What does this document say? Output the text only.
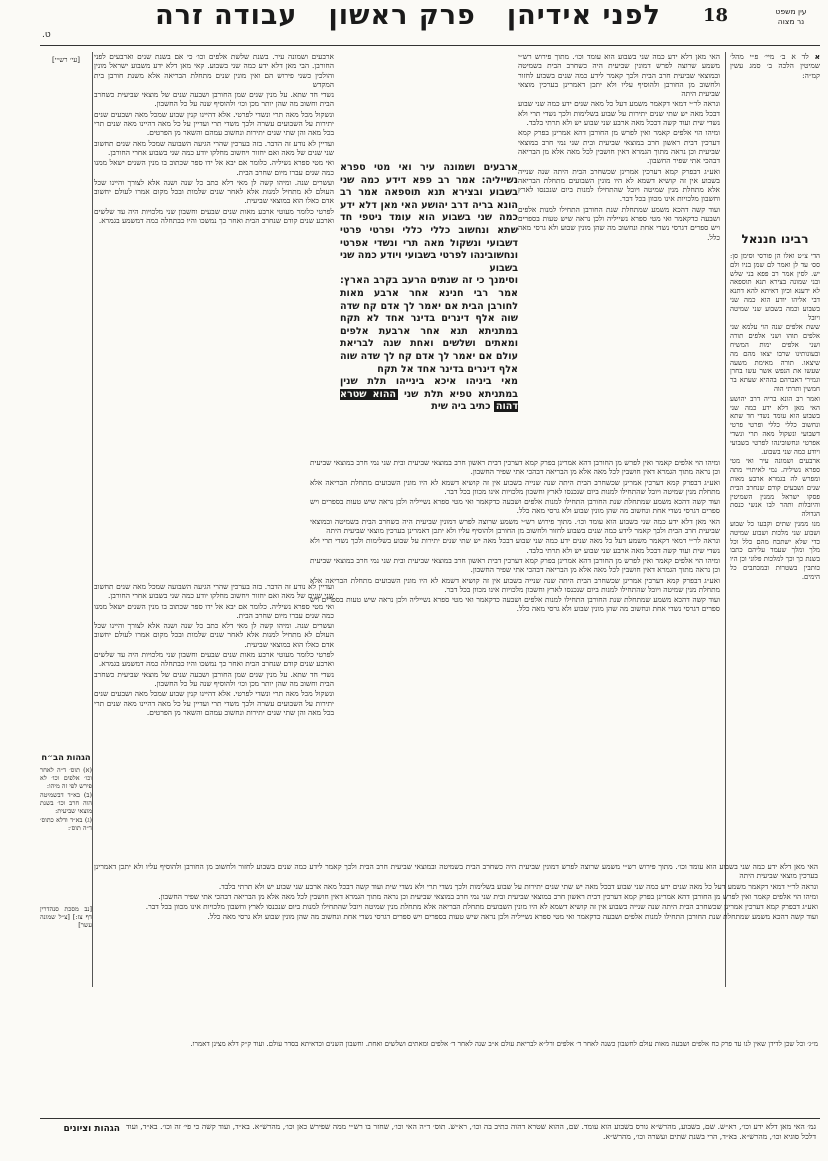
עין משפט
נר מצוה
18
לפני אידיהן   פרק ראשון   עבודה זרה
ט.
א לד א ב׳ מיי׳ פ״י מהל׳ שמיטין הלכה ב׳ סמג עשין קמ״ה:
רבינו חננאל

הדי צ״ט ואלו הן פורסי וסימן סן: סס׳ עד לן ואמר לם שמן בניו ולם יש. לסין אמר רב פפא בני שלש ובני שמונה בצירא תנא תוספאה לא ידענא וכיון דאיתא להא דתנא דבי אליהו יודע הוא כמה שני בשבוע וכמה בשבוע שני שמיטה ויובל

ששת אלפים שנה הוי עלמא שני אלפים תוהו ושני אלפים תורה ושני אלפים ימות המשיח ובעונותינו שרבו יצאו מהם מה שיצאו. תורה מאימת משעה שעשו את הנפש אשר עשו בחרן וגמירי דאברהם בההיא שעתא בר חמשין ותרתי הוה

ואמר רב הונא בריה דרב יהושע האי מאן דלא ידע כמה שני בשבוע הוא עומד נשדי חד שתא ונחשוב כללי כללי ופרטי פרטי דשבועי ונשקול מאה תרי ונשדי אפרטי ונחשובינהו לפרטי בשבועי ויודע כמה שני בשבוע.

ארבעים ושמונה עיר ואי מטי ספרא נשיליה. נמי לאיתויי מתה ומפרש לה בגמרא ארבע מאות שנים ושבעים קודם שנחרב הבית פסקו ישראל ממנין השמיטין והיובלות ותהר לבו אנשי כנסת הגדולה

מנו ממנין שתים וקבעו כל שבוע ושבוע שני מלכות ושבוע שמיטה כדי שלא ישתכח מהם כלל וכל מלך ומלך שעמד עליהם כתבו בשנת כך וכך למלכות פלוני וכן היו כותבין בשטרות ובמכתבים כל הימים.

האי מאן דלא ידע כמה שני בשבוע הוא עומד וכו׳. מתוך פירוש רש״י משמע שרוצה לפרש דמונין שביעית היה כשחרב הבית בשמיטה ובמוצאי שביעית חרב הבית ולכך קאמר לידע כמה שנים בשבוע לחזור ולחשוב מן החורבן ולהוסיף עליו ולא יתכן דאמרינן בערכין מוצאי שביעית היתה

ונראה לר״י דמאי דקאמר משמע דעל כל מאה שנים ידע כמה שני שבוע דבכל מאה יש שתי שנים יתירות על שבוע בשלימות ולכך נשדי תרי ולא נשדי שית ועוד קשה דבכל מאה ארבע שני שבוע יש ולא תרתי בלבד.

ומיהו הוי אלפים קאמר ואין לפרש מן החורבן דהא אמרינן בפרק קמא דערכין דבית ראשון חרב במוצאי שביעית ובית שני נמי חרב במוצאי שביעית וכן נראה מתוך הגמרא דאין חושבין לכל מאה אלא מן הבריאה דבהכי אתי שפיר החשבון.

ואע״ג דבפרק קמא דערכין אמרינן שכשחרב הבית היתה שנה שנייה בשבוע אין זה קושיא דשמא לא היו מונין השבועים מתחלת הבריאה אלא מתחלת מנין שמיטה ויובל שהתחילו למנות ביום שנכנסו לארץ וחשבון מלכויות אינו מכוון בכל דבר.

ועוד קשה דהכא משמע שמתחלת שנת החורבן התחילו למנות אלפים ושבעה כדקאמר ואי מטי ספרא נשייליה ולכן נראה שיש טעות בספרים ויש ספרים דגרסי נשדי אחת ונחשוב מה שהן מונין שבוע ולא גרסי מאה כלל.

ארבעים ושמונה עיר. בשנת שלשת אלפים וכו׳ כי אם בשנת שנים וארבעים לפני החורבן. הבי מאן דלא ידע כמה שני בשבוע. קאי מאן דלא ידע משבוע ישראל מונין והולכין כשני פירוש הם ואין מונין שנים מתחלת הבריאה אלא משנת חורבן בית המקדש

נשדי חד שתא. על מנין שנים שמן החורבן ושבעה שנים של מוצאי שביעית כשחרב הבית וחשוב מה שהן יותר מכן וכו׳ ולהוסיף שנה על כל החשבון.

ונשקול מכל מאה תרי ונשדי לפרטי. אלא דהיינו קנין שבוע שמכל מאה ושבעים שנים יתירות על השבועים עשרה ולכך משדי תרי ועדיין על כל מאה דהיינו מאה שנים תרי בכל מאה והן שתי שנים יתירות ונחשוב עמהם והשאר מן הפרטים.

ועדיין לא נודע זה הדבר. בזה בערכין שהרי הגיעה השבועה שמכל מאה שנים תחשוב שני שנים של מאה ואם יחזור ויחשוב מחלקו יודע כמה שני בשבוע אחרי החורבן.

ואי מטי ספרא נשיליה. כלומר אם יבא אל ידו ספר שכתוב בו מנין השנים ישאל ממנו כמה שנים עברו מיום שחרב הבית.

ועשרים שנה. ומיהו קשה לן מאי דלא כתב כל שנה ושנה אלא לצורך והיינו שכל העולם לא מתחיל למנות אלא לאחר שנים שלמות ובכל מקום אמרו לעולם יחשוב אדם כאלו הוא במוצאי שביעית.

לפרטי כלומר מעוטי ארבע מאות שנים שבעים וחשבון שני מלכויות היה עד שלשים וארבע שנים קודם שנחרב הבית ואחר כך נמשכו והיו כבתחלה כמה דמשמע בגמרא.

[עי׳ רש״י]

ארבעים ושמונה עיר ואי מטי ספרא נשייליה: אמר רב פפא דידע כמה שני בשבוע ובצירא תנא תוספאה אמר רב הונא בריה דרב יהושע האי מאן דלא ידע כמה שני בשבוע הוא עומד ניטפי חד שתא ונחשוב כללי כללי ופרטי פרטי דשבועי ונשקול מאה תרי ונשדי אפרטי ונחשובינהו לפרטי בשבועי ויודע כמה שני בשבוע

וסימנך כי זה שנתים הרעב בקרב הארץ: אמר רבי חנינא אחר ארבע מאות לחורבן הבית אם יאמר לך אדם קח שדה שוה אלף דינרים בדינר אחד לא תקח במתניתא תנא אחר ארבעת אלפים ומאתים ושלשים ואחת שנה לבריאת עולם אם יאמר לך אדם קח לך שדה שוה אלף דינרים בדינר אחד אל תקח

מאי ביניהו איכא בינייהו תלת שנין במתניתא טפיא תלת שני ההוא שטרא דהוה כתיב ביה שית

ומיהו הוי אלפים קאמר ואין לפרש מן החורבן דהא אמרינן בפרק קמא דערכין דבית ראשון חרב במוצאי שביעית ובית שני נמי חרב במוצאי שביעית וכן נראה מתוך הגמרא דאין חושבין לכל מאה אלא מן הבריאה דבהכי אתי שפיר החשבון.

ואע״ג דבפרק קמא דערכין אמרינן שכשחרב הבית היתה שנה שנייה בשבוע אין זה קושיא דשמא לא היו מונין השבועים מתחלת הבריאה אלא מתחלת מנין שמיטה ויובל שהתחילו למנות ביום שנכנסו לארץ וחשבון מלכויות אינו מכוון בכל דבר.

ועוד קשה דהכא משמע שמתחלת שנת החורבן התחילו למנות אלפים ושבעה כדקאמר ואי מטי ספרא נשייליה ולכן נראה שיש טעות בספרים ויש ספרים דגרסי נשדי אחת ונחשוב מה שהן מונין שבוע ולא גרסי מאה כלל.

האי מאן דלא ידע כמה שני בשבוע הוא עומד וכו׳. מתוך פירוש רש״י משמע שרוצה לפרש דמונין שביעית היה כשחרב הבית בשמיטה ובמוצאי שביעית חרב הבית ולכך קאמר לידע כמה שנים בשבוע לחזור ולחשוב מן החורבן ולהוסיף עליו ולא יתכן דאמרינן בערכין מוצאי שביעית היתה

ונראה לר״י דמאי דקאמר משמע דעל כל מאה שנים ידע כמה שני שבוע דבכל מאה יש שתי שנים יתירות על שבוע בשלימות ולכך נשדי תרי ולא נשדי שית ועוד קשה דבכל מאה ארבע שני שבוע יש ולא תרתי בלבד.

ומיהו הוי אלפים קאמר ואין לפרש מן החורבן דהא אמרינן בפרק קמא דערכין דבית ראשון חרב במוצאי שביעית ובית שני נמי חרב במוצאי שביעית וכן נראה מתוך הגמרא דאין חושבין לכל מאה אלא מן הבריאה דבהכי אתי שפיר החשבון.

ואע״ג דבפרק קמא דערכין אמרינן שכשחרב הבית היתה שנה שנייה בשבוע אין זה קושיא דשמא לא היו מונין השבועים מתחלת הבריאה אלא מתחלת מנין שמיטה ויובל שהתחילו למנות ביום שנכנסו לארץ וחשבון מלכויות אינו מכוון בכל דבר.

ועוד קשה דהכא משמע שמתחלת שנת החורבן התחילו למנות אלפים ושבעה כדקאמר ואי מטי ספרא נשייליה ולכן נראה שיש טעות בספרים ויש ספרים דגרסי נשדי אחת ונחשוב מה שהן מונין שבוע ולא גרסי מאה כלל.

ועדיין לא נודע זה הדבר. בזה בערכין שהרי הגיעה השבועה שמכל מאה שנים תחשוב שני שנים של מאה ואם יחזור ויחשוב מחלקו יודע כמה שני בשבוע אחרי החורבן.

ואי מטי ספרא נשיליה. כלומר אם יבא אל ידו ספר שכתוב בו מנין השנים ישאל ממנו כמה שנים עברו מיום שחרב הבית.

ועשרים שנה. ומיהו קשה לן מאי דלא כתב כל שנה ושנה אלא לצורך והיינו שכל העולם לא מתחיל למנות אלא לאחר שנים שלמות ובכל מקום אמרו לעולם יחשוב אדם כאלו הוא במוצאי שביעית.

לפרטי כלומר מעוטי ארבע מאות שנים שבעים וחשבון שני מלכויות היה עד שלשים וארבע שנים קודם שנחרב הבית ואחר כך נמשכו והיו כבתחלה כמה דמשמע בגמרא.

נשדי חד שתא. על מנין שנים שמן החורבן ושבעה שנים של מוצאי שביעית כשחרב הבית וחשוב מה שהן יותר מכן וכו׳ ולהוסיף שנה על כל החשבון.

ונשקול מכל מאה תרי ונשדי לפרטי. אלא דהיינו קנין שבוע שמכל מאה ושבעים שנים יתירות על השבועים עשרה ולכך משדי תרי ועדיין על כל מאה דהיינו מאה שנים תרי בכל מאה והן שתי שנים יתירות ונחשוב עמהם והשאר מן הפרטים.

הגהות הב״ח

(א) תוס׳ ד״ה לאחר וכו׳ אלפים וכו׳ לא פירש לפי זה מיהו:

(ב) בא״ד דבשמיטה הוה חרב וכו׳ בשנת מוצאי שביעית:

(ג) בא״ד ודלא כתוס׳ ד״ה תוס׳:

[נב מסכת סנהדרין דף צז:] [צ״ל שמונה עשר]

האי מאן דלא ידע כמה שני בשבוע הוא עומד וכו׳. מתוך פירוש רש״י משמע שרוצה לפרש דמונין שביעית היה כשחרב הבית בשמיטה ובמוצאי שביעית חרב הבית ולכך קאמר לידע כמה שנים בשבוע לחזור ולחשוב מן החורבן ולהוסיף עליו ולא יתכן דאמרינן בערכין מוצאי שביעית היתה

ונראה לר״י דמאי דקאמר משמע דעל כל מאה שנים ידע כמה שני שבוע דבכל מאה יש שתי שנים יתירות על שבוע בשלימות ולכך נשדי תרי ולא נשדי שית ועוד קשה דבכל מאה ארבע שני שבוע יש ולא תרתי בלבד.

ומיהו הוי אלפים קאמר ואין לפרש מן החורבן דהא אמרינן בפרק קמא דערכין דבית ראשון חרב במוצאי שביעית ובית שני נמי חרב במוצאי שביעית וכן נראה מתוך הגמרא דאין חושבין לכל מאה אלא מן הבריאה דבהכי אתי שפיר החשבון.

ואע״ג דבפרק קמא דערכין אמרינן שכשחרב הבית היתה שנה שנייה בשבוע אין זה קושיא דשמא לא היו מונין השבועים מתחלת הבריאה אלא מתחלת מנין שמיטה ויובל שהתחילו למנות ביום שנכנסו לארץ וחשבון מלכויות אינו מכוון בכל דבר.

ועוד קשה דהכא משמע שמתחלת שנת החורבן התחילו למנות אלפים ושבעה כדקאמר ואי מטי ספרא נשייליה ולכן נראה שיש טעות בספרים ויש ספרים דגרסי נשדי אחת ונחשוב מה שהן מונין שבוע ולא גרסי מאה כלל.

מ״ג׳ וכל שכן לדידן שאין לנו עד פרק כח אלפים ושבעה מאות עולם לחשבון כשנה לאחר ד׳ אלפים ורל״א לבריאת עולם א״ב שנה לאחר ד׳ אלפים ומאתים ושלשים ואחת. וחשבון השנים וכדאיתא בסדר עולם. ועוד ק״ק דלא מצינן דאמרו.
הגהות וציונים גמ׳ האי מאן דלא ידע וכו׳, רא״ש. שם, בשבוע, מהרש״א גורס בשבוע הוא עומד. שם, ההוא שטרא דהוה כתיב בה וכו׳, רא״ש. תוס׳ ד״ה האי וכו׳, שחזר בו רש״י ממה שפירש כאן וכו׳, מהרש״א. בא״ד, ועוד קשה כי פי׳ זה וכו׳. בא״ד, ועוד דלכל סוגיא וכו׳, מהרש״א. בא״ד, הרי בשנת שתים ועשרה וכו׳, מהרש״א.
